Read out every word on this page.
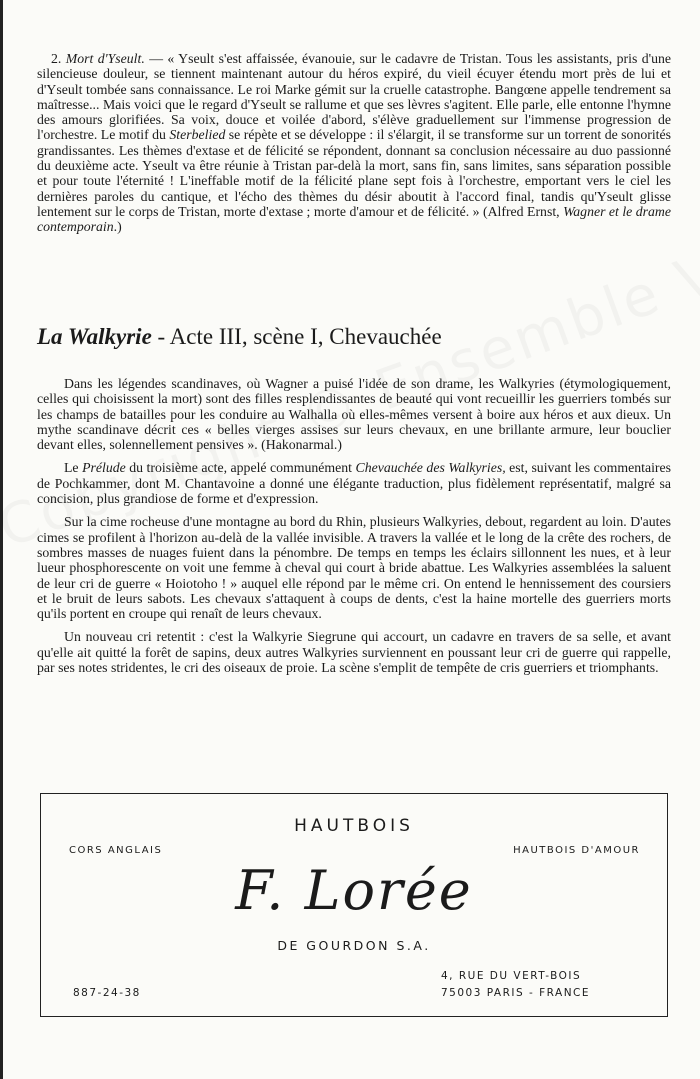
2. Mort d'Yseult. — « Yseult s'est affaissée, évanouie, sur le cadavre de Tristan. Tous les assistants, pris d'une silencieuse douleur, se tiennent maintenant autour du héros expiré, du vieil écuyer étendu mort près de lui et d'Yseult tombée sans connaissance. Le roi Marke gémit sur la cruelle catastrophe. Bangœne appelle tendrement sa maîtresse... Mais voici que le regard d'Yseult se rallume et que ses lèvres s'agitent. Elle parle, elle entonne l'hymne des amours glorifiées. Sa voix, douce et voilée d'abord, s'élève graduellement sur l'immense progression de l'orchestre. Le motif du Sterbelied se répète et se développe : il s'élargit, il se transforme sur un torrent de sonorités grandissantes. Les thèmes d'extase et de félicité se répondent, donnant sa conclusion nécessaire au duo passionné du deuxième acte. Yseult va être réunie à Tristan par-delà la mort, sans fin, sans limites, sans séparation possible et pour toute l'éternité ! L'ineffable motif de la félicité plane sept fois à l'orchestre, emportant vers le ciel les dernières paroles du cantique, et l'écho des thèmes du désir aboutit à l'accord final, tandis qu'Yseult glisse lentement sur le corps de Tristan, morte d'extase ; morte d'amour et de félicité. » (Alfred Ernst, Wagner et le drame contemporain.)

La Walkyrie - Acte III, scène I, Chevauchée

Dans les légendes scandinaves, où Wagner a puisé l'idée de son drame, les Walkyries (étymologiquement, celles qui choisissent la mort) sont des filles resplendissantes de beauté qui vont recueillir les guerriers tombés sur les champs de batailles pour les conduire au Walhalla où elles-mêmes versent à boire aux héros et aux dieux. Un mythe scandinave décrit ces « belles vierges assises sur leurs chevaux, en une brillante armure, leur bouclier devant elles, solennellement pensives ». (Hakonarmal.)

Le Prélude du troisième acte, appelé communément Chevauchée des Walkyries, est, suivant les commentaires de Pochkammer, dont M. Chantavoine a donné une élégante traduction, plus fidèlement représentatif, malgré sa concision, plus grandiose de forme et d'expression.

Sur la cime rocheuse d'une montagne au bord du Rhin, plusieurs Walkyries, debout, regardent au loin. D'autes cimes se profilent à l'horizon au-delà de la vallée invisible. A travers la vallée et le long de la crête des rochers, de sombres masses de nuages fuient dans la pénombre. De temps en temps les éclairs sillonnent les nues, et à leur lueur phosphorescente on voit une femme à cheval qui court à bride abattue. Les Walkyries assemblées la saluent de leur cri de guerre « Hoiotoho ! » auquel elle répond par le même cri. On entend le hennissement des coursiers et le bruit de leurs sabots. Les chevaux s'attaquent à coups de dents, c'est la haine mortelle des guerriers morts qu'ils portent en croupe qui renaît de leurs chevaux.

Un nouveau cri retentit : c'est la Walkyrie Siegrune qui accourt, un cadavre en travers de sa selle, et avant qu'elle ait quitté la forêt de sapins, deux autres Walkyries surviennent en poussant leur cri de guerre qui rappelle, par ses notes stridentes, le cri des oiseaux de proie. La scène s'emplit de tempête de cris guerriers et triomphants.

HAUTBOIS
CORS ANGLAIS	HAUTBOIS D'AMOUR
F. Lorée
DE GOURDON S.A.
887-24-38
4, RUE DU VERT-BOIS
75003 PARIS - FRANCE
